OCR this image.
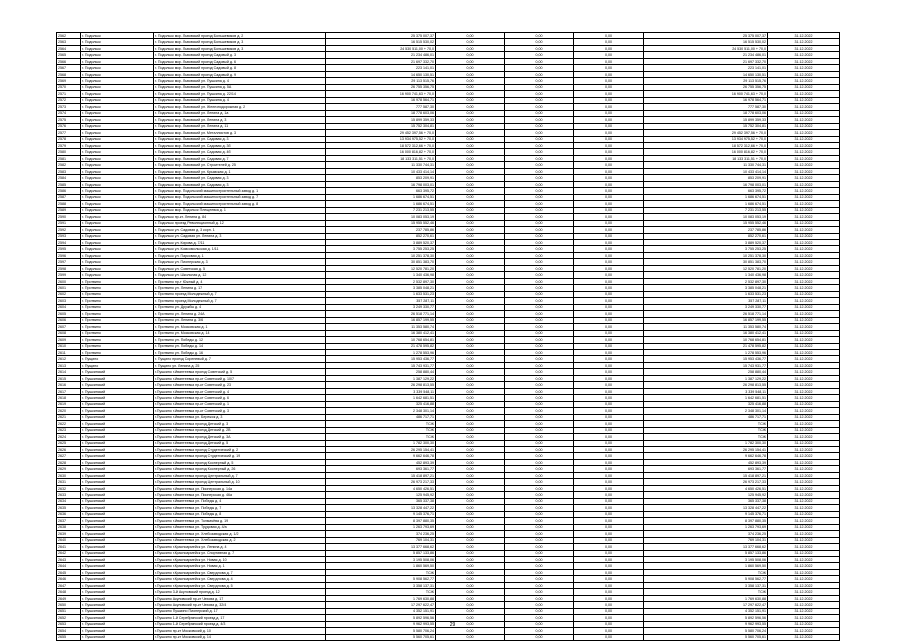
2562	г. Подольск	г. Подольск мкр. Львовский проезд Большевиков д. 2	25 375 007,37	0,00	0,00	0,00	25 375 007,37	31.12.2022
2563	г. Подольск	г. Подольск мкр. Львовский проезд Большевиков д. 3	16 515 530,02	0,00	0,00	0,00	16 515 530,02	31.12.2022
2564	г. Подольск	г. Подольск мкр. Львовский проезд Большевиков д. 3	24 530 511,00 + 70,0	0,00	0,00	0,00	24 530 511,00 + 70,0	31.12.2022
2565	г. Подольск	г. Подольск мкр. Львовский проезд Садовый д. 3	21 234 486,01	0,00	0,00	0,00	21 234 486,01	31.12.2022
2566	г. Подольск	г. Подольск мкр. Львовский проезд Садовый д. 6	21 697 332,70	0,00	0,00	0,00	21 697 332,70	31.12.2022
2567	г. Подольск	г. Подольск мкр. Львовский проезд Садовый д. 8	223 141,01	0,00	0,00	0,00	223 141,01	31.12.2022
2568	г. Подольск	г. Подольск мкр. Львовский проезд Садовый д. 9	14 650 130,51	0,00	0,00	0,00	14 650 130,51	31.12.2022
2569	г. Подольск	г. Подольск мкр. Львовский ул. Пушкина д. 4	29 113 515,76	0,00	0,00	0,00	29 113 515,76	31.12.2022
2570	г. Подольск	г. Подольск мкр. Львовский ул. Пушкина д. 5А	26 755 356,75	0,00	0,00	0,00	26 755 356,75	31.12.2022
2571	г. Подольск	г. Подольск мкр. Львовский ул. Пушкина д. 22/14	16 900 741,63 + 70,0	0,00	0,00	0,00	16 900 741,63 + 70,0	31.12.2022
2572	г. Подольск	г. Подольск мкр. Львовский ул. Пушкина д. 4	16 978 564,71	0,00	0,00	0,00	16 978 564,71	31.12.2022
2573	г. Подольск	г. Подольск мкр. Львовский ул. Железнодорожная д. 2	777 587,30	0,00	0,00	0,00	777 587,30	31.12.2022
2574	г. Подольск	г. Подольск мкр. Львовский ул. Ленина д. 1а	18 778 603,06	0,00	0,00	0,00	18 778 603,06	31.12.2022
2575	г. Подольск	г. Подольск мкр. Львовский ул. Ленина д. 3	15 899 359,33	0,00	0,00	0,00	15 899 359,33	31.12.2022
2576	г. Подольск	г. Подольск мкр. Львовский ул. Ленина д. 11	15 752 304,81	0,00	0,00	0,00	15 752 304,81	31.12.2022
2577	г. Подольск	г. Подольск мкр. Львовский ул. Металлистов д. 3	29 452 397,56 + 70,0	0,00	0,00	0,00	29 452 397,56 + 70,0	31.12.2022
2578	г. Подольск	г. Подольск мкр. Львовский ул. Садовая д. 3	13 934 975,52 + 70,0	0,00	0,00	0,00	13 934 975,52 + 70,0	31.12.2022
2579	г. Подольск	г. Подольск мкр. Львовский ул. Садовая д. 3б	18 572 312,66 + 70,0	0,00	0,00	0,00	18 572 312,66 + 70,0	31.12.2022
2580	г. Подольск	г. Подольск мкр. Львовский ул. Садовая д. 4б	16 000 816,82 + 70,0	0,00	0,00	0,00	16 000 816,82 + 70,0	31.12.2022
2581	г. Подольск	г. Подольск мкр. Львовский ул. Садовая д. 7	18 133 311,51 + 70,0	0,00	0,00	0,00	18 133 311,51 + 70,0	31.12.2022
2582	г. Подольск	г. Подольск мкр. Львовский ул. Строителей д. 25	11 330 744,31	0,00	0,00	0,00	11 330 744,31	31.12.2022
2583	г. Подольск	г. Подольск мкр. Львовский ул. Крымская д. 1	10 433 414,14	0,00	0,00	0,00	10 433 414,14	31.12.2022
2584	г. Подольск	г. Подольск мкр. Львовский ул. Садовая д. 3	853 209,91	0,00	0,00	0,00	853 209,91	31.12.2022
2585	г. Подольск	г. Подольск мкр. Львовский ул. Садовая д. 3	16 798 003,01	0,00	0,00	0,00	16 798 003,01	31.12.2022
2586	г. Подольск	г. Подольск мкр. Подольский машиностроительный завод д. 1	663 395,72	0,00	0,00	0,00	663 395,72	31.12.2022
2587	г. Подольск	г. Подольск мкр. Подольский машиностроительный завод д. 7	1 686 674,51	0,00	0,00	0,00	1 686 674,51	31.12.2022
2588	г. Подольск	г. Подольск мкр. Подольский машиностроительный завод д. 8	1 686 674,51	0,00	0,00	0,00	1 686 674,51	31.12.2022
2589	г. Подольск	г. Подольск мкр. Подольск Плещеевка д. 1	7 231 213,55	0,00	0,00	0,00	7 231 213,55	31.12.2022
2590	г. Подольск	г. Подольск пр-кт. Ленина д. 84	10 083 053,19	0,00	0,00	0,00	10 083 053,19	31.12.2022
2591	г. Подольск	г. Подольск проезд Революционный д. 12	15 955 552,46	0,00	0,00	0,00	15 955 552,46	31.12.2022
2592	г. Подольск	г. Подольск ул. Садовая д. 3 корп. 1	237 785,86	0,00	0,00	0,00	237 785,86	31.12.2022
2593	г. Подольск	г. Подольск ул. Садовая ул. Ленина д. 3	852 270,61	0,00	0,00	0,00	852 270,61	31.12.2022
2594	г. Подольск	г. Подольск ул. Кирова д. 7/11	3 889 520,37	0,00	0,00	0,00	3 889 520,37	31.12.2022
2595	г. Подольск	г. Подольск ул. Комсомольская д. 1/11	3 755 253,25	0,00	0,00	0,00	3 755 253,25	31.12.2022
2596	г. Подольск	г. Подольск ул. Парковая д. 1	10 251 378,30	0,00	0,00	0,00	10 251 378,30	31.12.2022
2597	г. Подольск	г. Подольск ул. Пионерская д. 3	30 851 383,70	0,00	0,00	0,00	30 851 383,70	31.12.2022
2598	г. Подольск	г. Подольск ул. Советская д. 5	12 520 781,20	0,00	0,00	0,00	12 520 781,20	31.12.2022
2599	г. Подольск	г. Подольск ул. Школьная д. 12	1 340 436,98	0,00	0,00	0,00	1 340 436,98	31.12.2022
2600	г. Протвино	г. Протвино пр-т Южный д. 4	2 532 897,30	0,00	0,00	0,00	2 532 897,30	31.12.2022
2601	г. Протвино	г. Протвино ул. Ленина д. 17	3 385 048,21	0,00	0,00	0,00	3 385 048,21	31.12.2022
2602	г. Протвино	г. Протвино проезд Молодежный д. 7	1 633 531,23	0,00	0,00	0,00	1 633 531,23	31.12.2022
2603	г. Протвино	г. Протвино проезд Молодежный д. 7	357 287,11	0,00	0,00	0,00	357 287,11	31.12.2022
2604	г. Протвино	г. Протвино ул. Дружбы д. 4	3 249 330,77	0,00	0,00	0,00	3 249 330,77	31.12.2022
2605	г. Протвино	г. Протвино ул. Ленина д. 24А	26 518 771,14	0,00	0,00	0,00	26 518 771,14	31.12.2022
2606	г. Протвино	г. Протвино ул. Ленина д. 3/6	16 857 199,55	0,00	0,00	0,00	16 857 199,55	31.12.2022
2607	г. Протвино	г. Протвино ул. Московская д. 1	11 353 580,74	0,00	0,00	0,00	11 353 580,74	31.12.2022
2608	г. Протвино	г. Протвино ул. Московская д. 14	16 380 412,41	0,00	0,00	0,00	16 380 412,41	31.12.2022
2609	г. Протвино	г. Протвино ул. Победы д. 12	10 768 654,81	0,00	0,00	0,00	10 768 654,81	31.12.2022
2610	г. Протвино	г. Протвино ул. Победы д. 14	21 478 595,82	0,00	0,00	0,00	21 478 595,82	31.12.2022
2611	г. Протвино	г. Протвино ул. Победы д. 16	1 278 553,96	0,00	0,00	0,00	1 278 553,96	31.12.2022
2612	г. Пущино	г. Пущино проезд Сиреневый д. 7	15 953 436,77	0,00	0,00	0,00	15 953 436,77	31.12.2022
2613	г. Пущино	г. Пущино ул. Ленина д. 25	15 743 931,77	0,00	0,00	0,00	15 743 931,77	31.12.2022
2614	г. Пушкинский	г.Пушкино г.Ивантеевка проезд Советский д. 5	258 880,44	0,00	0,00	0,00	258 880,44	31.12.2022
2615	г. Пушкинский	г.Пушкино г.Ивантеевка пр-кт Советский д. 10/7	1 387 129,22	0,00	0,00	0,00	1 387 129,22	31.12.2022
2616	г. Пушкинский	г.Пушкино г.Ивантеевка пр-кт Советский д. 23	26 298 813,55	0,00	0,00	0,00	26 298 813,55	31.12.2022
2617	г. Пушкинский	г.Пушкино г.Ивантеевка пр-кт Советский д. 4	3 339 548,11	0,00	0,00	0,00	3 339 548,11	31.12.2022
2618	г. Пушкинский	г.Пушкино г.Ивантеевка пр-кт Советский д. 6	1 642 681,51	0,00	0,00	0,00	1 642 681,51	31.12.2022
2619	г. Пушкинский	г.Пушкино г.Ивантеевка пр-кт Советский д. 1	325 416,88	0,00	0,00	0,00	325 416,88	31.12.2022
2620	г. Пушкинский	г.Пушкино г.Ивантеевка пр-кт Советский д. 3	2 348 301,14	0,00	0,00	0,00	2 348 301,14	31.12.2022
2621	г. Пушкинский	г.Пушкино г.Ивантеевка ул. Бережок д. 3	486 717,71	0,00	0,00	0,00	486 717,71	31.12.2022
2622	г. Пушкинский	г.Пушкино г.Ивантеевка проезд Детский д. 3	ТСЖ	0,00	0,00	0,00	ТСЖ	31.12.2022
2623	г. Пушкинский	г.Пушкино г.Ивантеевка проезд Детский д. 2В	ТСЖ	0,00	0,00	0,00	ТСЖ	31.12.2022
2624	г. Пушкинский	г.Пушкино г.Ивантеевка проезд Детский д. 3А	ТСЖ	0,00	0,00	0,00	ТСЖ	31.12.2022
2625	г. Пушкинский	г.Пушкино г.Ивантеевка проезд Детский д. 5	1 782 300,30	0,00	0,00	0,00	1 782 300,30	31.12.2022
2626	г. Пушкинский	г.Пушкино г.Ивантеевка проезд Студенческий д. 2	26 295 154,41	0,00	0,00	0,00	26 295 154,41	31.12.2022
2627	г. Пушкинский	г.Пушкино г.Ивантеевка проезд Студенческий д. 19	9 662 646,78	0,00	0,00	0,00	9 662 646,78	31.12.2022
2628	г. Пушкинский	г.Пушкино г.Ивантеевка проезд Кооперный д. 5	452 893,39	0,00	0,00	0,00	452 893,39	31.12.2022
2629	г. Пушкинский	г.Пушкино г.Ивантеевка проезд Кооперный д. 26	693 361,77	0,00	0,00	0,00	693 361,77	31.12.2022
2630	г. Пушкинский	г.Пушкино г.Ивантеевка проезд Центральный д. 7	15 418 897,21	0,00	0,00	0,00	15 418 897,21	31.12.2022
2631	г. Пушкинский	г.Пушкино г.Ивантеевка проезд Центральный д. 10	26 973 217,33	0,00	0,00	0,00	26 973 217,33	31.12.2022
2632	г. Пушкинский	г.Пушкино г.Ивантеевка ул. Пионерская д. 14а	4 650 426,51	0,00	0,00	0,00	4 650 426,51	31.12.2022
2633	г. Пушкинский	г.Пушкино г.Ивантеевка ул. Пионерская д. 46а	125 945,92	0,00	0,00	0,00	125 945,92	31.12.2022
2634	г. Пушкинский	г.Пушкино г.Ивантеевка ул. Победы д. 4	365 337,38	0,00	0,00	0,00	365 337,38	31.12.2022
2635	г. Пушкинский	г.Пушкино г.Ивантеевка ул. Победы д. 7	13 328 447,22	0,00	0,00	0,00	13 328 447,22	31.12.2022
2636	г. Пушкинский	г.Пушкино г.Ивантеевка ул. Победы д. 8	9 145 376,71	0,00	0,00	0,00	9 145 376,71	31.12.2022
2637	г. Пушкинский	г.Пушкино г.Ивантеевка ул. Толмачёва д. 19	8 397 880,35	0,00	0,00	0,00	8 397 880,35	31.12.2022
2638	г. Пушкинский	г.Пушкино г.Ивантеевка ул. Трудовая д. 4/а	1 263 793,69	0,00	0,00	0,00	1 263 793,69	31.12.2022
2639	г. Пушкинский	г.Пушкино г.Ивантеевка ул. Хлебозаводская д. 1/2	374 236,25	0,00	0,00	0,00	374 236,25	31.12.2022
2640	г. Пушкинский	г.Пушкино г.Ивантеевка ул. Хлебозаводская д. 2	769 104,31	0,00	0,00	0,00	769 104,31	31.12.2022
2641	г. Пушкинский	г.Пушкино г.Красноармейск ул. Ленина д. 4	13 377 668,62	0,00	0,00	0,00	13 377 668,62	31.12.2022
2642	г. Пушкинский	г.Пушкино г.Красноармейск ул. Спортивная д. 7	5 857 133,86	0,00	0,00	0,00	5 857 133,86	31.12.2022
2643	г. Пушкинский	г.Пушкино г.Красноармейск ул. Новая д. 10	3 195 508,06	0,00	0,00	0,00	3 195 508,06	31.12.2022
2644	г. Пушкинский	г.Пушкино г.Красноармейск ул. Новая д. 1	1 860 569,50	0,00	0,00	0,00	1 860 569,50	31.12.2022
2645	г. Пушкинский	г.Пушкино г.Красноармейск ул. Свердлова д. 7	ТСЖ	0,00	0,00	0,00	ТСЖ	31.12.2022
2646	г. Пушкинский	г.Пушкино г.Красноармейск ул. Свердлова д. 4	5 908 562,77	0,00	0,00	0,00	5 908 562,77	31.12.2022
2647	г. Пушкинский	г.Пушкино г.Красноармейск ул. Свердлова д. 5	3 358 137,31	0,00	0,00	0,00	3 358 137,31	31.12.2022
2648	г. Пушкинский	г.Пушкино 3-й Акуловский проезд д. 12	ТСЖ	0,00	0,00	0,00	ТСЖ	31.12.2022
2649	г. Пушкинский	г.Пушкино Акуловский пр-кт Чехова д. 17	1 769 630,88	0,00	0,00	0,00	1 769 630,88	31.12.2022
2650	г. Пушкинский	г.Пушкино Акуловский пр-кт Чехова д. 32/4	17 297 622,47	0,00	0,00	0,00	17 297 622,47	31.12.2022
2651	г. Пушкинский	г.Пушкино Пушкино Пионерский д. 17	4 352 151,91	0,00	0,00	0,00	4 352 151,91	31.12.2022
2652	г. Пушкинский	г.Пушкино 1-й Серебрянский проезд д. 17	5 892 596,56	0,00	0,00	0,00	5 892 596,56	31.12.2022
2653	г. Пушкинский	г.Пушкино 1-й Серебрянский проезд д. 4/3	9 962 993,55	0,00	0,00	0,00	9 962 993,55	31.12.2022
2654	г. Пушкинский	г.Пушкино пр-кт Московский д. 10	5 580 706,24	0,00	0,00	0,00	5 580 706,24	31.12.2022
2655	г. Пушкинский	г.Пушкино пр-кт Московский д. 14	5 560 705,61	0,00	0,00	0,00	5 560 705,61	31.12.2022
29
